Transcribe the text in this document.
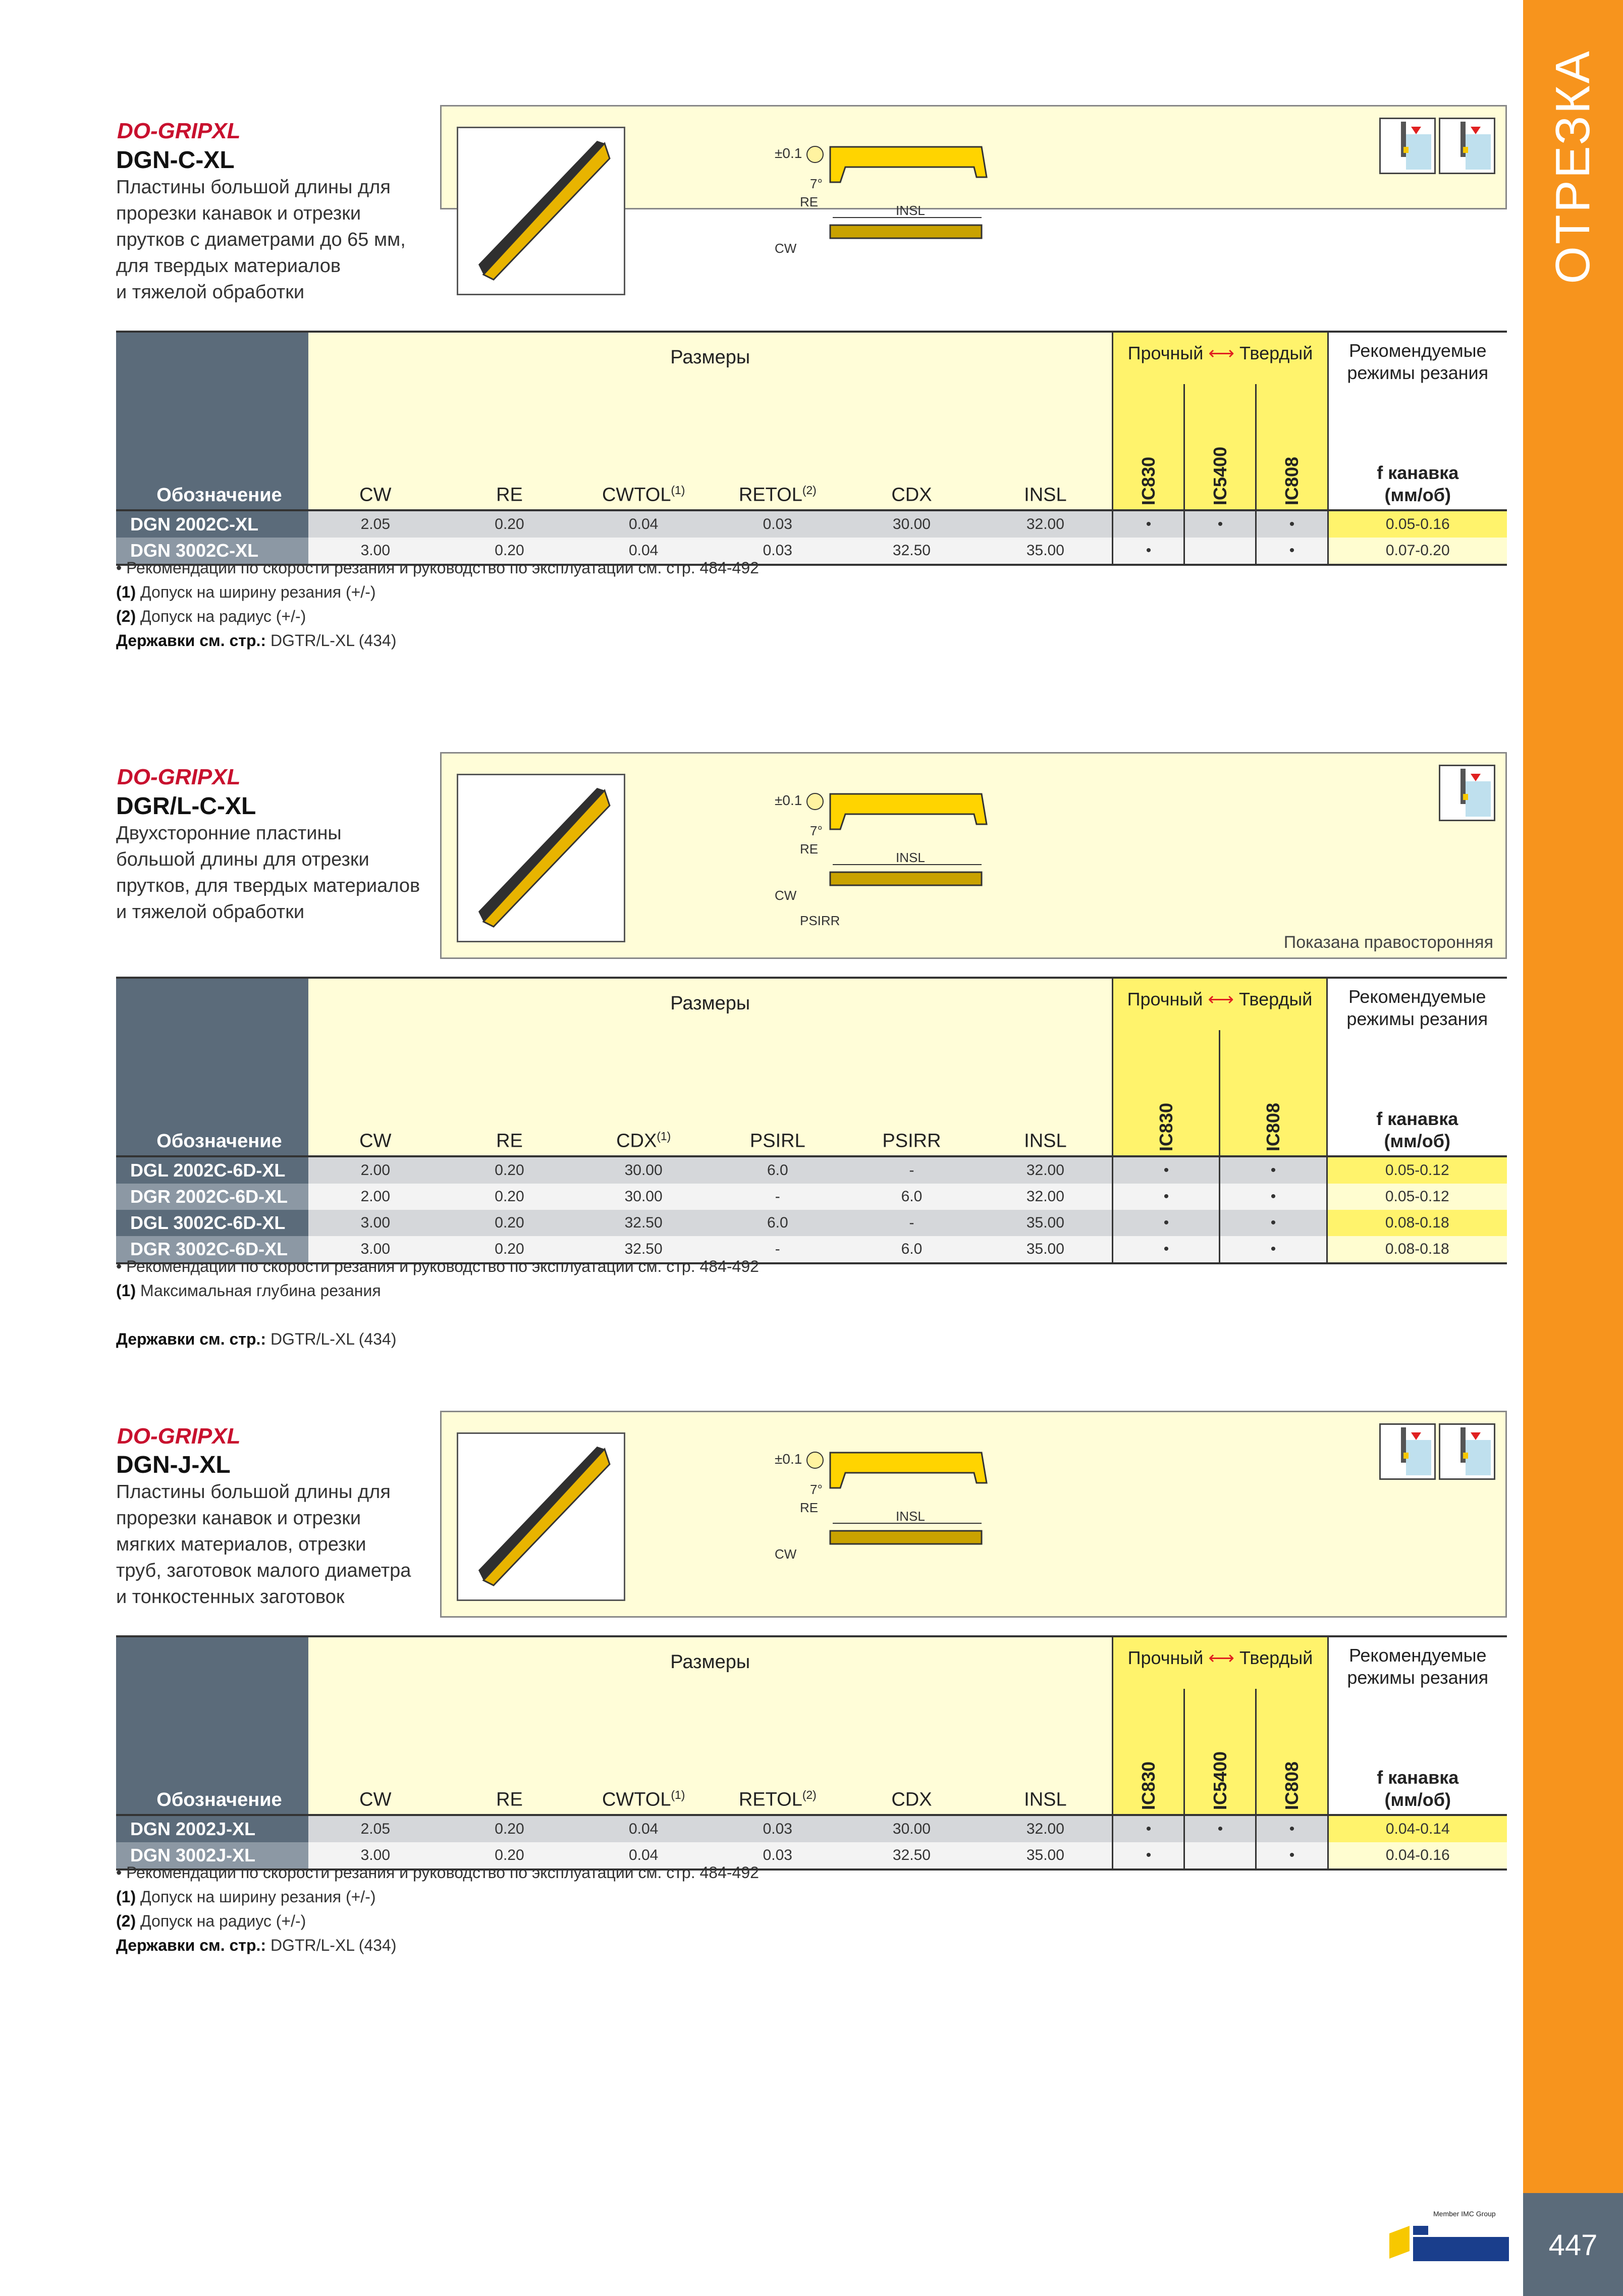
ОТРЕЗКА
447
Member IMC Group
DO-GRIPXL
DGN-C-XL
Пластины большой длины для
прорезки канавок и отрезки
прутков с диаметрами до 65 мм,
для твердых материалов
и тяжелой обработки
±0.1
7°
RE
INSL
CW
Обозначение	Размеры						Прочный ⟷ Твердый			Рекомендуемые
режимы резания

	CW	RE	CWTOL$^{(1)}$	RETOL$^{(2)}$	CDX	INSL	IC830	IC5400	IC808	f канавка
(мм/об)

DGN 2002C-XL	2.05	0.20	0.04	0.03	30.00	32.00	•	•	•	0.05-0.16
DGN 3002C-XL	3.00	0.20	0.04	0.03	32.50	35.00	•		•	0.07-0.20
• Рекомендации по скорости резания и руководство по эксплуатации см. стр. 484-492
(1) Допуск на ширину резания (+/-)
(2) Допуск на радиус (+/-)
Державки см. стр.: DGTR/L-XL (434)
DO-GRIPXL
DGR/L-C-XL
Двухсторонние пластины
большой длины для отрезки
прутков, для твердых материалов
и тяжелой обработки
±0.1
7°
RE
INSL
CW
PSIRR
Показана правосторонняя
Обозначение	Размеры						Прочный ⟷ Твердый		Рекомендуемые
режимы резания

	CW	RE	CDX$^{(1)}$	PSIRL	PSIRR	INSL	IC830	IC808	f канавка
(мм/об)

DGL 2002C-6D-XL	2.00	0.20	30.00	6.0	-	32.00	•	•	0.05-0.12
DGR 2002C-6D-XL	2.00	0.20	30.00	-	6.0	32.00	•	•	0.05-0.12
DGL 3002C-6D-XL	3.00	0.20	32.50	6.0	-	35.00	•	•	0.08-0.18
DGR 3002C-6D-XL	3.00	0.20	32.50	-	6.0	35.00	•	•	0.08-0.18
• Рекомендации по скорости резания и руководство по эксплуатации см. стр. 484-492
(1) Максимальная глубина резания
Державки см. стр.: DGTR/L-XL (434)
DO-GRIPXL
DGN-J-XL
Пластины большой длины для
прорезки канавок и отрезки
мягких материалов, отрезки
труб, заготовок малого диаметра
и тонкостенных заготовок
±0.1
7°
RE
INSL
CW
Обозначение	Размеры						Прочный ⟷ Твердый			Рекомендуемые
режимы резания

	CW	RE	CWTOL$^{(1)}$	RETOL$^{(2)}$	CDX	INSL	IC830	IC5400	IC808	f канавка
(мм/об)

DGN 2002J-XL	2.05	0.20	0.04	0.03	30.00	32.00	•	•	•	0.04-0.14
DGN 3002J-XL	3.00	0.20	0.04	0.03	32.50	35.00	•		•	0.04-0.16
• Рекомендации по скорости резания и руководство по эксплуатации см. стр. 484-492
(1) Допуск на ширину резания (+/-)
(2) Допуск на радиус (+/-)
Державки см. стр.: DGTR/L-XL (434)
